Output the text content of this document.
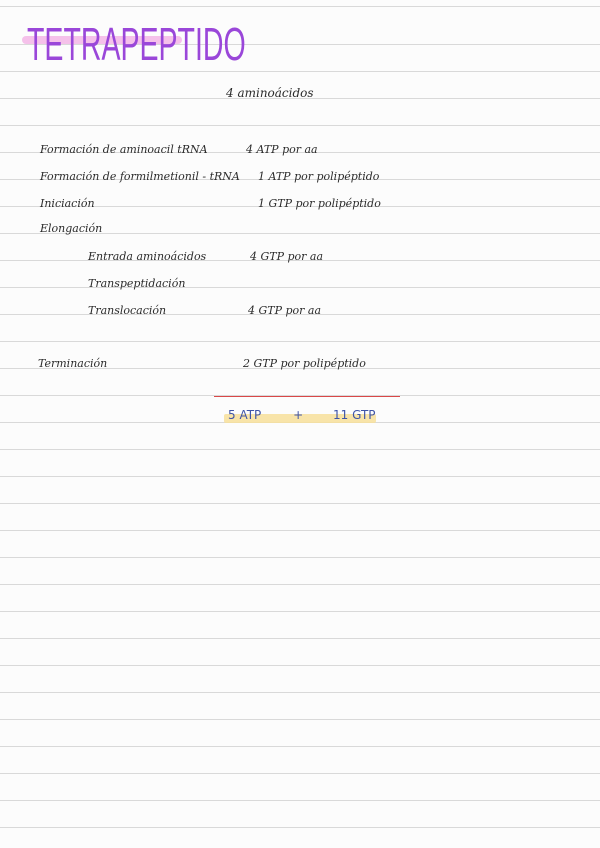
TETRAPEPTIDO
4 aminoácidos
Formación de aminoacil tRNA	4 ATP por aa
Formación de formilmetionil - tRNA 1 ATP por polipéptido
Iniciación	1 GTP por polipéptido
Elongación
Entrada aminoácidos	4 GTP por aa
Transpeptidación
Translocación	4 GTP por aa
Terminación	2 GTP por polipéptido
5 ATP	+ 11 GTP
